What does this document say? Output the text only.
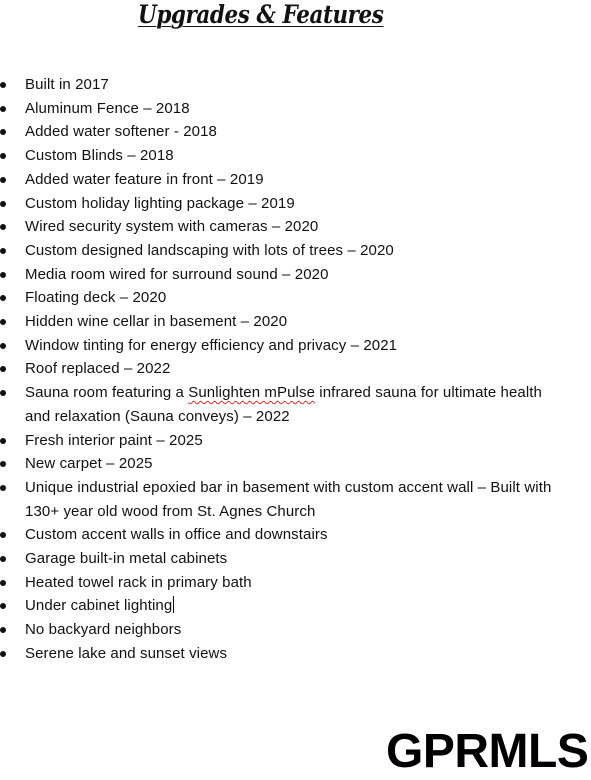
Upgrades & Features
Built in 2017
Aluminum Fence – 2018
Added water softener - 2018
Custom Blinds – 2018
Added water feature in front – 2019
Custom holiday lighting package – 2019
Wired security system with cameras – 2020
Custom designed landscaping with lots of trees – 2020
Media room wired for surround sound – 2020
Floating deck – 2020
Hidden wine cellar in basement – 2020
Window tinting for energy efficiency and privacy – 2021
Roof replaced – 2022
Sauna room featuring a Sunlighten mPulse infrared sauna for ultimate health and relaxation (Sauna conveys) – 2022
Fresh interior paint – 2025
New carpet – 2025
Unique industrial epoxied bar in basement with custom accent wall – Built with 130+ year old wood from St. Agnes Church
Custom accent walls in office and downstairs
Garage built-in metal cabinets
Heated towel rack in primary bath
Under cabinet lighting
No backyard neighbors
Serene lake and sunset views
GPRMLS
